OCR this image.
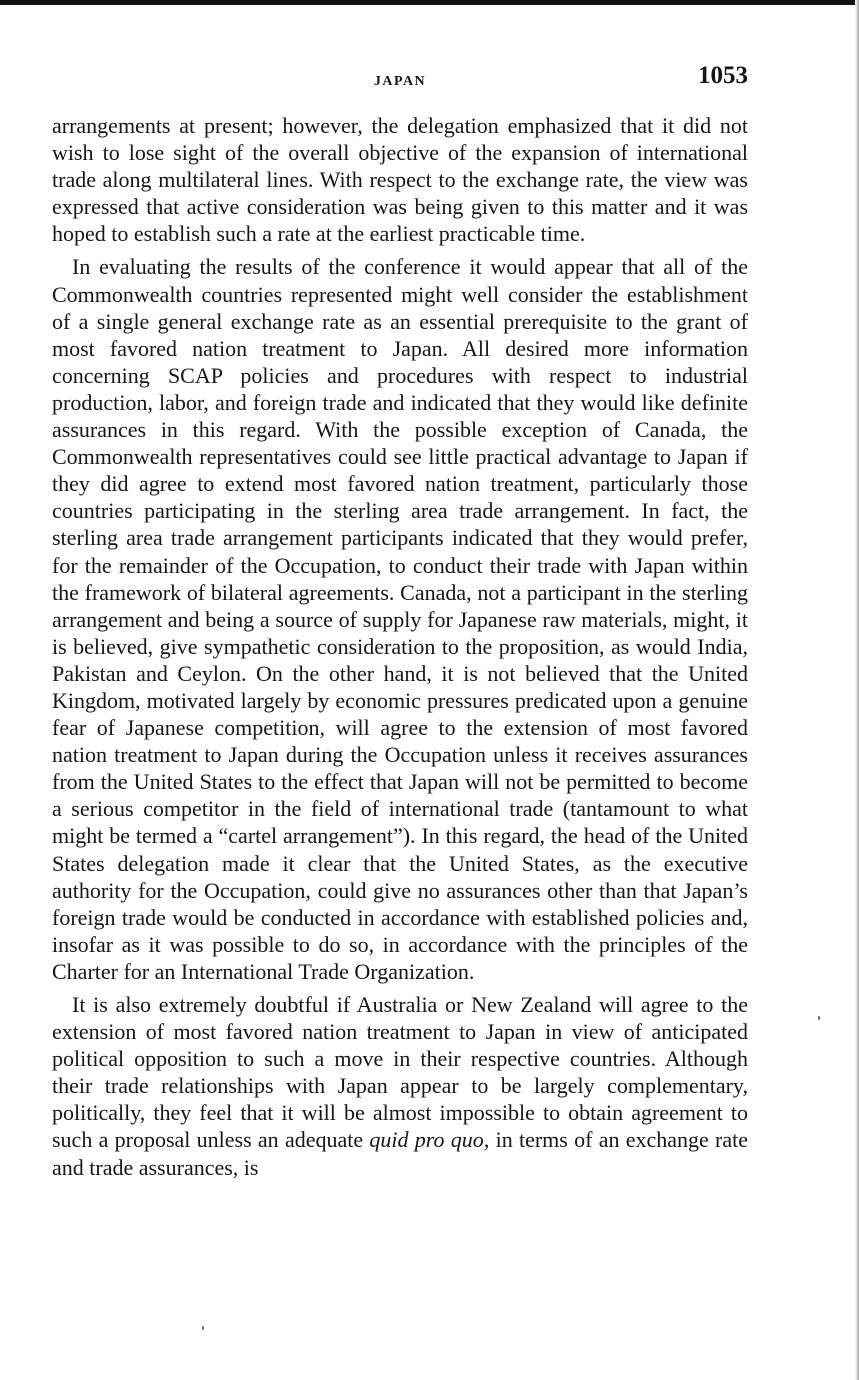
JAPAN	1053

arrangements at present; however, the delegation emphasized that it did not wish to lose sight of the overall objective of the expansion of international trade along multilateral lines. With respect to the exchange rate, the view was expressed that active consideration was being given to this matter and it was hoped to establish such a rate at the earliest practicable time.

In evaluating the results of the conference it would appear that all of the Commonwealth countries represented might well consider the establishment of a single general exchange rate as an essential prerequisite to the grant of most favored nation treatment to Japan. All desired more information concerning SCAP policies and procedures with respect to industrial production, labor, and foreign trade and indicated that they would like definite assurances in this regard. With the possible exception of Canada, the Commonwealth representatives could see little practical advantage to Japan if they did agree to extend most favored nation treatment, particularly those countries participating in the sterling area trade arrangement. In fact, the sterling area trade arrangement participants indicated that they would prefer, for the remainder of the Occupation, to conduct their trade with Japan within the framework of bilateral agreements. Canada, not a participant in the sterling arrangement and being a source of supply for Japanese raw materials, might, it is believed, give sympathetic consideration to the proposition, as would India, Pakistan and Ceylon. On the other hand, it is not believed that the United Kingdom, motivated largely by economic pressures predicated upon a genuine fear of Japanese competition, will agree to the extension of most favored nation treatment to Japan during the Occupation unless it receives assurances from the United States to the effect that Japan will not be permitted to become a serious competitor in the field of international trade (tantamount to what might be termed a “cartel arrangement”). In this regard, the head of the United States delegation made it clear that the United States, as the executive authority for the Occupation, could give no assurances other than that Japan’s foreign trade would be conducted in accordance with established policies and, insofar as it was possible to do so, in accordance with the principles of the Charter for an International Trade Organization.

It is also extremely doubtful if Australia or New Zealand will agree to the extension of most favored nation treatment to Japan in view of anticipated political opposition to such a move in their respective countries. Although their trade relationships with Japan appear to be largely complementary, politically, they feel that it will be almost impossible to obtain agreement to such a proposal unless an adequate quid pro quo, in terms of an exchange rate and trade assurances, is
